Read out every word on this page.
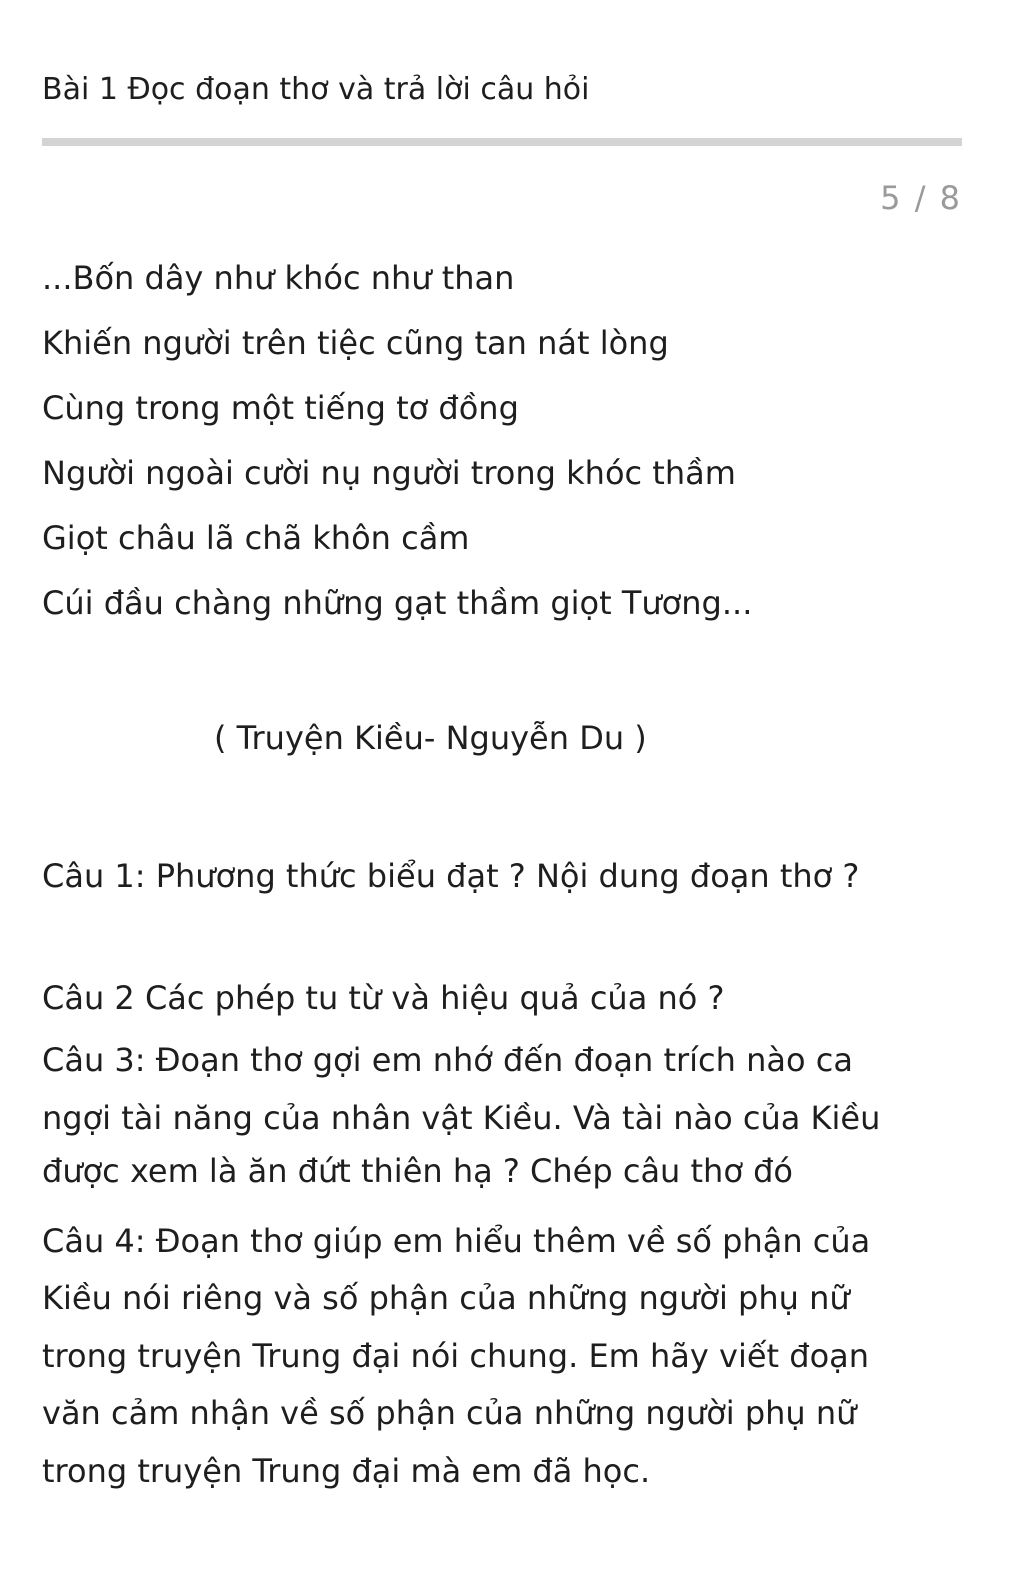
Bài 1 Đọc đoạn thơ và trả lời câu hỏi
5 / 8
...Bốn dây như khóc như than
Khiến người trên tiệc cũng tan nát lòng
Cùng trong một tiếng tơ đồng
Người ngoài cười nụ người trong khóc thầm
Giọt châu lã chã khôn cầm
Cúi đầu chàng những gạt thầm giọt Tương...
( Truyện Kiều- Nguyễn Du )
Câu 1: Phương thức biểu đạt ? Nội dung đoạn thơ ?
Câu 2 Các phép tu từ và hiệu quả của nó ?
Câu 3: Đoạn thơ gợi em nhớ đến đoạn trích nào ca
ngợi tài năng của nhân vật Kiều. Và tài nào của Kiều
được xem là ăn đứt thiên hạ ? Chép câu thơ đó
Câu 4: Đoạn thơ giúp em hiểu thêm về số phận của
Kiều nói riêng và số phận của những người phụ nữ
trong truyện Trung đại nói chung. Em hãy viết đoạn
văn cảm nhận về số phận của những người phụ nữ
trong truyện Trung đại mà em đã học.
